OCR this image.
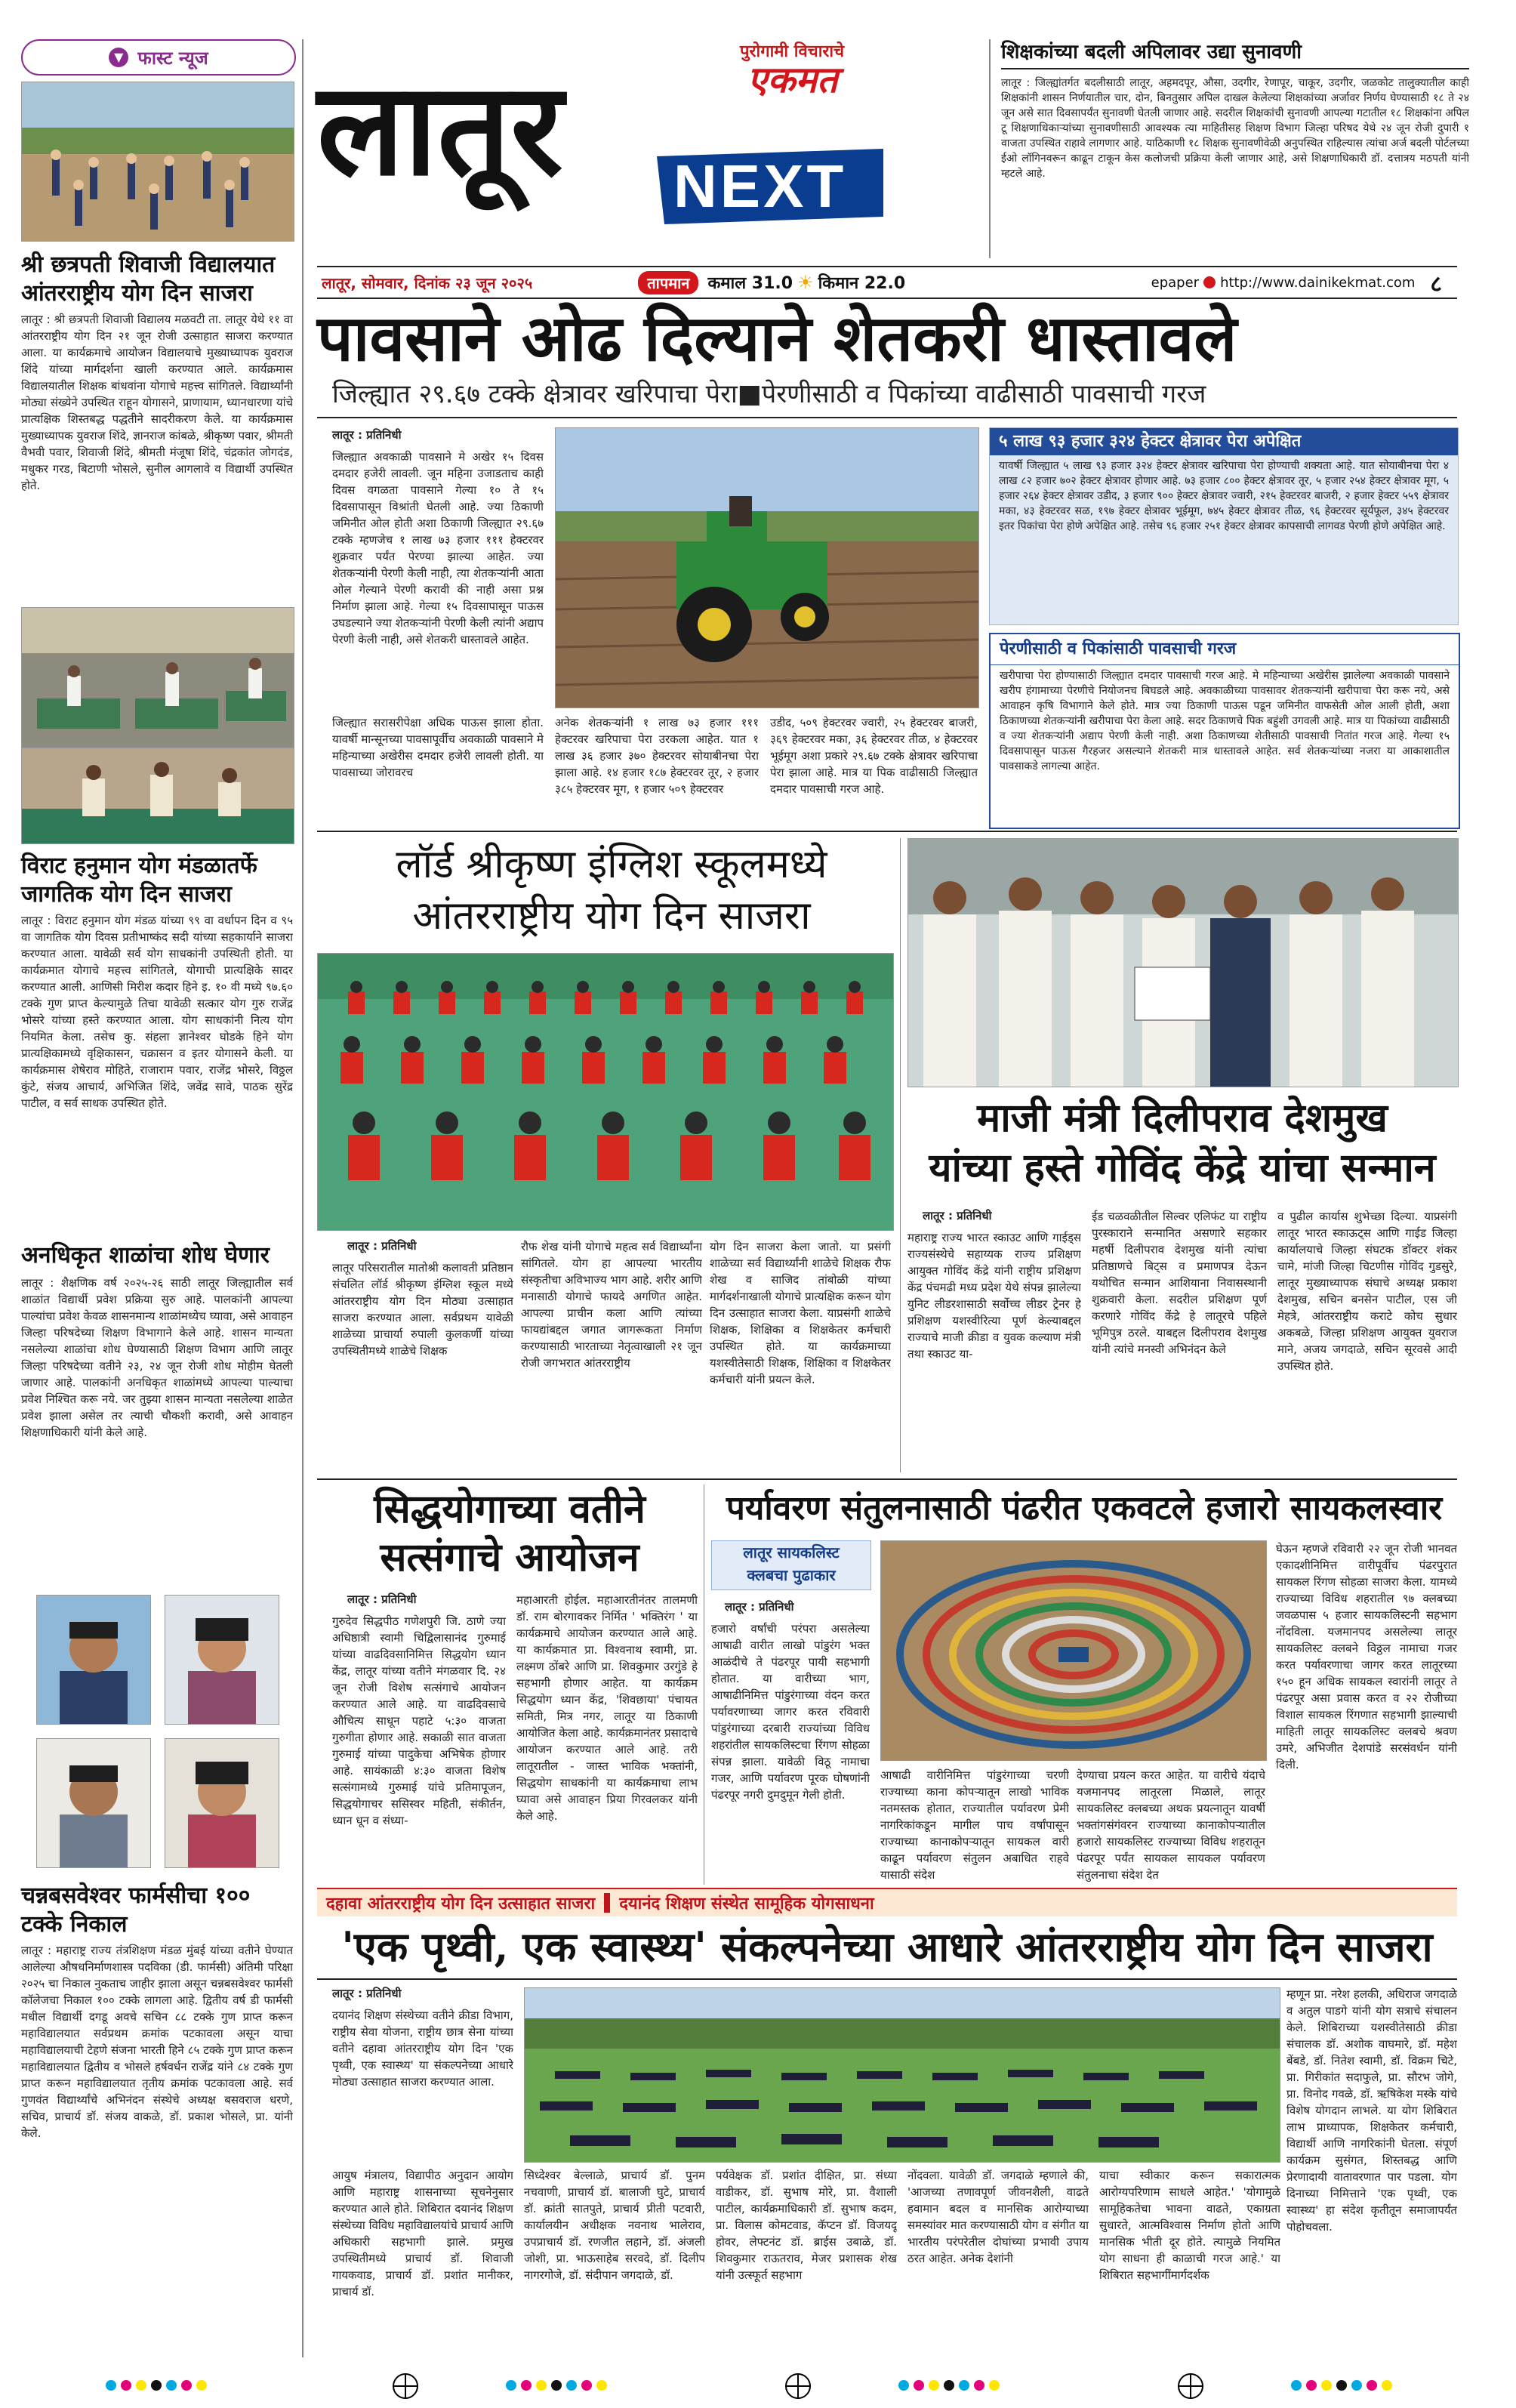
▼ फास्ट न्यूज
श्री छत्रपती शिवाजी विद्यालयात आंतरराष्ट्रीय योग दिन साजरा

लातूर : श्री छत्रपती शिवाजी विद्यालय मळवटी ता. लातूर येथे ११ वा आंतरराष्ट्रीय योग दिन २१ जून रोजी उत्साहात साजरा करण्यात आला. या कार्यक्रमाचे आयोजन विद्यालयाचे मुख्याध्यापक युवराज शिंदे यांच्या मार्गदर्शना खाली करण्यात आले. कार्यक्रमास विद्यालयातील शिक्षक बांधवांना योगाचे महत्त्व सांगितले. विद्यार्थ्यांनी मोठ्या संख्येने उपस्थित राहून योगासने, प्राणायाम, ध्यानधारणा यांचे प्रात्यक्षिक शिस्तबद्ध पद्धतीने सादरीकरण केले. या कार्यक्रमास मुख्याध्यापक युवराज शिंदे, ज्ञानराज कांबळे, श्रीकृष्ण पवार, श्रीमती वैभवी पवार, शिवाजी शिंदे, श्रीमती मंजूषा शिंदे, चंद्रकांत जोगदंड, मधुकर गरड, बिटाणी भोसले, सुनील आगलावे व विद्यार्थी उपस्थित होते.

विराट हनुमान योग मंडळातर्फे जागतिक योग दिन साजरा

लातूर : विराट हनुमान योग मंडळ यांच्या ९९ वा वर्धापन दिन व ९५ वा जागतिक योग दिवस प्रतीभाष्कंद सदी यांच्या सहकार्याने साजरा करण्यात आला. यावेळी सर्व योग साधकांनी उपस्थिती होती. या कार्यक्रमात योगाचे महत्त्व सांगितले, योगाची प्रात्यक्षिके सादर करण्यात आली. आणिसी मिरीश कदार हिने इ. १० वी मध्ये ९७.६० टक्के गुण प्राप्त केल्यामुळे तिचा यावेळी सत्कार योग गुरु राजेंद्र भोसरे यांच्या हस्ते करण्यात आला. योग साधकांनी नित्य योग नियमित केला. तसेच कु. संहला ज्ञानेश्वर घोडके हिने योग प्रात्यक्षिकामध्ये वृक्षिकासन, चक्रासन व इतर योगासने केली. या कार्यक्रमास शेषेराव मोहिते, राजाराम पवार, राजेंद्र भोसरे, विठ्ठल कुंटे, संजय आचार्य, अभिजित शिंदे, जवेंद्र सावे, पाठक सुरेंद्र पाटील, व सर्व साधक उपस्थित होते.

अनधिकृत शाळांचा शोध घेणार

लातूर : शैक्षणिक वर्ष २०२५-२६ साठी लातूर जिल्ह्यातील सर्व शाळांत विद्यार्थी प्रवेश प्रक्रिया सुरु आहे. पालकांनी आपल्या पाल्यांचा प्रवेश केवळ शासनमान्य शाळांमध्येच घ्यावा, असे आवाहन जिल्हा परिषदेच्या शिक्षण विभागाने केले आहे. शासन मान्यता नसलेल्या शाळांचा शोध घेण्यासाठी शिक्षण विभाग आणि लातूर जिल्हा परिषदेच्या वतीने २३, २४ जून रोजी शोध मोहीम घेतली जाणार आहे. पालकांनी अनधिकृत शाळांमध्ये आपल्या पाल्याचा प्रवेश निश्चित करू नये. जर तुझ्या शासन मान्यता नसलेल्या शाळेत प्रवेश झाला असेल तर त्याची चौकशी करावी, असे आवाहन शिक्षणाधिकारी यांनी केले आहे.

चन्नबसवेश्वर फार्मसीचा १०० टक्के निकाल

लातूर : महाराष्ट्र राज्य तंत्रशिक्षण मंडळ मुंबई यांच्या वतीने घेण्यात आलेल्या औषधनिर्माणशास्त्र पदविका (डी. फार्मसी) अंतिमी परिक्षा २०२५ चा निकाल नुकताच जाहीर झाला असून चन्नबसवेश्वर फार्मसी कॉलेजचा निकाल १०० टक्के लागला आहे. द्वितीय वर्ष डी फार्मसी मधील विद्यार्थी दगडू अवचे सचिन ८८ टक्के गुण प्राप्त करून महाविद्यालयात सर्वप्रथम क्रमांक पटकावला असून याचा महाविद्यालयाची टेहणे संजना भारती हिने ८५ टक्के गुण प्राप्त करून महाविद्यालयात द्वितीय व भोसले हर्षवर्धन राजेंद्र यांने ८४ टक्के गुण प्राप्त करून महाविद्यालयात तृतीय क्रमांक पटकावला आहे. सर्व गुणवंत विद्यार्थ्यांचे अभिनंदन संस्थेचे अध्यक्ष बसवराज धरणे, सचिव, प्राचार्य डॉ. संजय वाकळे, डॉ. प्रकाश भोसले, प्रा. यांनी केले.

लातूर
पुरोगामी विचाराचे
एकमत
NEXT
लातूर, सोमवार, दिनांक २३ जून २०२५	तापमान	कमाल 31.0 ☀ किमान 22.0	epaper http://www.dainikekmat.com ८
शिक्षकांच्या बदली अपिलावर उद्या सुनावणी

लातूर : जिल्ह्यांतर्गत बदलीसाठी लातूर, अहमदपूर, औसा, उदगीर, रेणापूर, चाकूर, उदगीर, जळकोट तालुक्यातील काही शिक्षकांनी शासन निर्णयातील चार, दोन, बिनतुसार अपिल दाखल केलेल्या शिक्षकांच्या अर्जावर निर्णय घेण्यासाठी १८ ते २४ जून असे सात दिवसापर्यंत सुनावणी घेतली जाणार आहे. सदरील शिक्षकांची सुनावणी आपल्या गटातील १८ शिक्षकांना अपिल टू शिक्षणाधिकाऱ्यांच्या सुनावणीसाठी आवश्यक त्या माहितीसह शिक्षण विभाग जिल्हा परिषद येथे २४ जून रोजी दुपारी १ वाजता उपस्थित राहावे लागणार आहे. याठिकाणी १८ शिक्षक सुनावणीवेळी अनुपस्थित राहिल्यास त्यांचा अर्ज बदली पोर्टलच्या ईओ लॉगिनवरून काढून टाकून केस कलोजची प्रक्रिया केली जाणार आहे, असे शिक्षणाधिकारी डॉ. दत्तात्रय मठपती यांनी म्हटले आहे.

पावसाने ओढ दिल्याने शेतकरी धास्तावले
जिल्ह्यात २९.६७ टक्के क्षेत्रावर खरिपाचा पेरा■पेरणीसाठी व पिकांच्या वाढीसाठी पावसाची गरज
लातूर : प्रतिनिधी

जिल्ह्यात अवकाळी पावसाने मे अखेर १५ दिवस दमदार हजेरी लावली. जून महिना उजाडताच काही दिवस वगळता पावसाने गेल्या १० ते १५ दिवसापासून विश्रांती घेतली आहे. ज्या ठिकाणी जमिनीत ओल होती अशा ठिकाणी जिल्ह्यात २९.६७ टक्के म्हणजेच १ लाख ७३ हजार १११ हेक्टरवर शुक्रवार पर्यंत पेरण्या झाल्या आहेत. ज्या शेतकऱ्यांनी पेरणी केली नाही, त्या शेतकऱ्यांनी आता ओल गेल्याने पेरणी करावी की नाही असा प्रश्न निर्माण झाला आहे. गेल्या १५ दिवसापासून पाऊस उघडल्याने ज्या शेतकऱ्यांनी पेरणी केली त्यांनी अद्याप पेरणी केली नाही, असे शेतकरी धास्तावले आहेत.

जिल्ह्यात सरासरीपेक्षा अधिक पाऊस झाला होता. यावर्षी मान्सूनच्या पावसापूर्वीच अवकाळी पावसाने मे महिन्याच्या अखेरीस दमदार हजेरी लावली होती. या पावसाच्या जोरावरच

अनेक शेतकऱ्यांनी १ लाख ७३ हजार १११ हेक्टरवर खरिपाचा पेरा उरकला आहेत. यात १ लाख ३६ हजार ३७० हेक्टरवर सोयाबीनचा पेरा झाला आहे. १४ हजार १८७ हेक्टरवर तूर, २ हजार ३८५ हेक्टरवर मूग, १ हजार ५०९ हेक्टरवर

उडीद, ५०९ हेक्टरवर ज्वारी, २५ हेक्टरवर बाजरी, ३६९ हेक्टरवर मका, ३६ हेक्टरवर तीळ, ४ हेक्टरवर भूईमूग अशा प्रकारे २९.६७ टक्के क्षेत्रावर खरिपाचा पेरा झाला आहे. मात्र या पिक वाढीसाठी जिल्ह्यात दमदार पावसाची गरज आहे.

५ लाख ९३ हजार ३२४ हेक्टर क्षेत्रावर पेरा अपेक्षित

यावर्षी जिल्ह्यात ५ लाख ९३ हजार ३२४ हेक्टर क्षेत्रावर खरिपाचा पेरा होण्याची शक्यता आहे. यात सोयाबीनचा पेरा ४ लाख ८२ हजार ७०२ हेक्टर क्षेत्रावर होणार आहे. ७३ हजार ८०० हेक्टर क्षेत्रावर तूर, ५ हजार २५४ हेक्टर क्षेत्रावर मूग, ५ हजार २६४ हेक्टर क्षेत्रावर उडीद, ३ हजार ९०० हेक्टर क्षेत्रावर ज्वारी, २१५ हेक्टरवर बाजरी, २ हजार हेक्टर ५५९ क्षेत्रावर मका, ४३ हेक्टरवर सळ, १९७ हेक्टर क्षेत्रावर भूईमूग, ७४५ हेक्टर क्षेत्रावर तीळ, ९६ हेक्टरवर सूर्यफूल, ३४५ हेक्टरवर इतर पिकांचा पेरा होणे अपेक्षित आहे. तसेच ९६ हजार २५१ हेक्टर क्षेत्रावर कापसाची लागवड पेरणी होणे अपेक्षित आहे.

पेरणीसाठी व पिकांसाठी पावसाची गरज

खरीपाचा पेरा होण्यासाठी जिल्ह्यात दमदार पावसाची गरज आहे. मे महिन्याच्या अखेरीस झालेल्या अवकाळी पावसाने खरीप हंगामाच्या पेरणीचे नियोजनच बिघडले आहे. अवकाळीच्या पावसावर शेतकऱ्यांनी खरीपाचा पेरा करू नये, असे आवाहन कृषि विभागाने केले होते. मात्र ज्या ठिकाणी पाऊस पडून जमिनीत वाफसेती ओल आली होती, अशा ठिकाणच्या शेतकऱ्यांनी खरीपाचा पेरा केला आहे. सदर ठिकाणचे पिक बहुंशी उगवली आहे. मात्र या पिकांच्या वाढीसाठी व ज्या शेतकऱ्यांनी अद्याप पेरणी केली नाही. अशा ठिकाणच्या शेतीसाठी पावसाची नितांत गरज आहे. गेल्या १५ दिवसापासून पाऊस गैरहजर असल्याने शेतकरी मात्र धास्तावले आहेत. सर्व शेतकऱ्यांच्या नजरा या आकाशातील पावसाकडे लागल्या आहेत.

लॉर्ड श्रीकृष्ण इंग्लिश स्कूलमध्ये
आंतरराष्ट्रीय योग दिन साजरा
लातूर : प्रतिनिधी

लातूर परिसरातील मातोश्री कलावती प्रतिष्ठान संचलित लॉर्ड श्रीकृष्ण इंग्लिश स्कूल मध्ये आंतरराष्ट्रीय योग दिन मोठ्या उत्साहात साजरा करण्यात आला. सर्वप्रथम यावेळी शाळेच्या प्राचार्या रुपाली कुलकर्णी यांच्या उपस्थितीमध्ये शाळेचे शिक्षक

रौफ शेख यांनी योगाचे महत्व सर्व विद्यार्थ्यांना सांगितले. योग हा आपल्या भारतीय संस्कृतीचा अविभाज्य भाग आहे. शरीर आणि मनासाठी योगाचे फायदे अगणित आहेत. आपल्या प्राचीन कला आणि त्यांच्या फायद्यांबद्दल जगात जागरूकता निर्माण करण्यासाठी भारताच्या नेतृत्वाखाली २१ जून रोजी जगभरात आंतरराष्ट्रीय

योग दिन साजरा केला जातो. या प्रसंगी शाळेच्या सर्व विद्यार्थ्यांनी शाळेचे शिक्षक रौफ शेख व साजिद तांबोळी यांच्या मार्गदर्शनाखाली योगाचे प्रात्यक्षिक करून योग दिन उत्साहात साजरा केला. याप्रसंगी शाळेचे शिक्षक, शिक्षिका व शिक्षकेतर कर्मचारी उपस्थित होते. या कार्यक्रमाच्या यशस्वीतेसाठी शिक्षक, शिक्षिका व शिक्षकेतर कर्मचारी यांनी प्रयत्न केले.

माजी मंत्री दिलीपराव देशमुख
यांच्या हस्ते गोविंद केंद्रे यांचा सन्मान
लातूर : प्रतिनिधी

महाराष्ट्र राज्य भारत स्काउट आणि गाईड्स राज्यसंस्थेचे सहाय्यक राज्य प्रशिक्षण आयुक्त गोविंद केंद्रे यांनी राष्ट्रीय प्रशिक्षण केंद्र पंचमढी मध्य प्रदेश येथे संपन्न झालेल्या युनिट लीडरशासाठी सर्वोच्च लीडर ट्रेनर हे प्रशिक्षण यशस्वीरित्या पूर्ण केल्याबद्दल राज्याचे माजी क्रीडा व युवक कल्याण मंत्री तथा स्काउट या-

ईड चळवळीतील सिल्वर एलिफंट या राष्ट्रीय पुरस्काराने सन्मानित असणारे सहकार महर्षी दिलीपराव देशमुख यांनी त्यांचा प्रतिष्ठाणचे बिट्स व प्रमाणपत्र देऊन यथोचित सन्मान आशियाना निवासस्थानी शुक्रवारी केला. सदरील प्रशिक्षण पूर्ण करणारे गोविंद केंद्रे हे लातूरचे पहिले भूमिपुत्र ठरले. याबद्दल दिलीपराव देशमुख यांनी त्यांचे मनस्वी अभिनंदन केले

व पुढील कार्यास शुभेच्छा दिल्या. याप्रसंगी लातूर भारत स्काऊट्स आणि गाईड जिल्हा कार्यालयाचे जिल्हा संघटक डॉक्टर शंकर चामे, मांजी जिल्हा चिटणीस गोविंद गुडसुरे, लातूर मुख्याध्यापक संघाचे अध्यक्ष प्रकाश देशमुख, सचिन बनसेन पाटील, एस जी मेहत्रे, आंतरराष्ट्रीय कराटे कोच सुधार अकबळे, जिल्हा प्रशिक्षण आयुक्त युवराज माने, अजय जगदाळे, सचिन सूरवसे आदी उपस्थित होते.

सिद्धयोगाच्या वतीने
सत्संगाचे आयोजन
लातूर : प्रतिनिधी

गुरुदेव सिद्धपीठ गणेशपुरी जि. ठाणे ज्या अधिष्ठात्री स्वामी चिद्विलासानंद गुरुमाई यांच्या वाढदिवसानिमित्त सिद्धयोग ध्यान केंद्र, लातूर यांच्या वतीने मंगळवार दि. २४ जून रोजी विशेष सत्संगाचे आयोजन करण्यात आले आहे. या वाढदिवसाचे औचित्य साधून पहाटे ५:३० वाजता गुरुगीता होणार आहे. सकाळी सात वाजता गुरुमाई यांच्या पादुकेचा अभिषेक होणार आहे. सायंकाळी ४:३० वाजता विशेष सत्संगामध्ये गुरुमाई यांचे प्रतिमापूजन, सिद्धयोगाचर ससिस्वर महिती, संकीर्तन, ध्यान धून व संध्या-

महाआरती होईल. महाआरतीनंतर तालमणी डॉ. राम बोरगावकर निर्मित ' भक्तिरंग ' या कार्यक्रमाचे आयोजन करण्यात आले आहे. या कार्यक्रमात प्रा. विश्वनाथ स्वामी, प्रा. लक्ष्मण ठोंबरे आणि प्रा. शिवकुमार उरगुंडे हे सहभागी होणार आहेत. या कार्यक्रम सिद्धयोग ध्यान केंद्र, 'शिवछाया' पंचायत समिती, मित्र नगर, लातूर या ठिकाणी आयोजित केला आहे. कार्यक्रमानंतर प्रसादाचे आयोजन करण्यात आले आहे. तरी लातूरातील - जास्त भाविक भक्तांनी, सिद्धयोग साधकांनी या कार्यक्रमाचा लाभ घ्यावा असे आवाहन प्रिया गिरवलकर यांनी केले आहे.

पर्यावरण संतुलनासाठी पंढरीत एकवटले हजारो सायकलस्वार
लातूर सायकलिस्ट
क्लबचा पुढाकार
लातूर : प्रतिनिधी

हजारो वर्षांची परंपरा असलेल्या आषाढी वारीत लाखो पांडुरंग भक्त आळंदीचे ते पंढरपूर पायी सहभागी होतात. या वारीच्या भाग, आषाढीनिमित्त पांडुरंगाच्या वंदन करत पर्यावरणाच्या जागर करत रविवारी पांडुरंगाच्या दरबारी राज्यांच्या विविध शहरांतील सायकलिस्टचा रिंगण सोहळा संपन्न झाला. यावेळी विठू नामाचा गजर, आणि पर्यावरण पूरक घोषणांनी पंढरपूर नगरी दुमदुमून गेली होती.

आषाढी वारीनिमित्त पांडुरंगाच्या चरणी राज्याच्या काना कोपऱ्यातून लाखो भाविक नतमस्तक होतात, राज्यातील पर्यावरण प्रेमी नागरिकांकडून मागील पाच वर्षांपासून राज्याच्या कानाकोपऱ्यातून सायकल वारी काढून पर्यावरण संतुलन अबाधित राहवे यासाठी संदेश

देण्याचा प्रयत्न करत आहेत. या वारीचे यंदाचे यजमानपद लातूरला मिळाले, लातूर सायकलिस्ट क्लबच्या अथक प्रयत्नातून यावर्षी भक्तांगसंगंवरन राज्याच्या कानाकोपऱ्यातील हजारो सायकलिस्ट राज्याच्या विविध शहरातून पंढरपूर पर्यंत सायकल सायकल पर्यावरण संतुलनाचा संदेश देत

घेऊन म्हणजे रविवारी २२ जून रोजी भानवत एकादशीनिमित्त वारीपूर्वीच पंढरपुरात सायकल रिंगण सोहळा साजरा केला. यामध्ये राज्याच्या विविध शहरातील ९७ क्लबच्या जवळपास ५ हजार सायकलिस्टनी सहभाग नोंदविला. यजमानपद असलेल्या लातूर सायकलिस्ट क्लबने विठ्ठल नामाचा गजर करत पर्यावरणाचा जागर करत लातूरच्या १५० हून अधिक सायकल स्वारांनी लातूर ते पंढरपूर असा प्रवास करत व २२ रोजीच्या विशाल सायकल रिंगणात सहभागी झाल्याची माहिती लातूर सायकलिस्ट क्लबचे श्रवण उमरे, अभिजीत देशपांडे सरसंवर्धन यांनी दिली.

दहावा आंतरराष्ट्रीय योग दिन उत्साहात साजरा दयानंद शिक्षण संस्थेत सामूहिक योगसाधना
'एक पृथ्वी, एक स्वास्थ्य' संकल्पनेच्या आधारे आंतरराष्ट्रीय योग दिन साजरा
लातूर : प्रतिनिधी

दयानंद शिक्षण संस्थेच्या वतीने क्रीडा विभाग, राष्ट्रीय सेवा योजना, राष्ट्रीय छात्र सेना यांच्या वतीने दहावा आंतरराष्ट्रीय योग दिन 'एक पृथ्वी, एक स्वास्थ्य' या संकल्पनेच्या आधारे मोठ्या उत्साहात साजरा करण्यात आला.

आयुष मंत्रालय, विद्यापीठ अनुदान आयोग आणि महाराष्ट्र शासनाच्या सूचनेनुसार करण्यात आले होते. शिबिरात दयानंद शिक्षण संस्थेच्या विविध महाविद्यालयांचे प्राचार्य आणि अधिकारी सहभागी झाले. प्रमुख उपस्थितीमध्ये प्राचार्य डॉ. शिवाजी गायकवाड, प्राचार्य डॉ. प्रशांत मानीकर, प्राचार्य डॉ.

सिध्देश्वर बेल्लाळे, प्राचार्य डॉ. पुनम नचवाणी, प्राचार्य डॉ. बालाजी घुटे, प्राचार्य डॉ. क्रांती सातपुते, प्राचार्य प्रीती पटवारी, कार्यालयीन अधीक्षक नवनाथ भालेराव, उपप्राचार्य डॉ. रणजीत लहाने, डॉ. अंजली जोशी, प्रा. भाऊसाहेब सरवदे, डॉ. दिलीप नागरगोजे, डॉ. संदीपान जगदाळे, डॉ.

पर्यवेक्षक डॉ. प्रशांत दीक्षित, प्रा. संध्या वाडीकर, डॉ. सुभाष मोरे, प्रा. वैशाली पाटील, कार्यक्रमाधिकारी डॉ. सुभाष कदम, प्रा. विलास कोमटवाड, कॅप्टन डॉ. विजयदू होवर, लेफ्टनंट डॉ. ब्राईस उबाळे, डॉ. शिवकुमार राऊतराव, मेजर प्रशासक शेख यांनी उत्स्फूर्त सहभाग

नोंदवला. यावेळी डॉ. जगदाळे म्हणाले की, 'आजच्या तणावपूर्ण जीवनशैली, वाढते हवामान बदल व मानसिक आरोग्याच्या समस्यांवर मात करण्यासाठी योग व संगीत या भारतीय परंपरेतील दोघांच्या प्रभावी उपाय ठरत आहेत. अनेक देशांनी

याचा स्वीकार करून सकारात्मक आरोग्यपरिणाम साधले आहेत.' 'योगामुळे सामूहिकतेचा भावना वाढते, एकाग्रता सुधारते, आत्मविश्वास निर्माण होतो आणि मानसिक भीती दूर होते. त्यामुळे नियमित योग साधना ही काळाची गरज आहे.' या शिबिरात सहभागींमार्गदर्शक

म्हणून प्रा. नरेश हलकी, अधिराज जगदाळे व अतुल पाडगे यांनी योग सत्राचे संचालन केले. शिबिराच्या यशस्वीतेसाठी क्रीडा संचालक डॉ. अशोक वाघमारे, डॉ. महेश बेंबडे, डॉ. नितेश स्वामी, डॉ. विक्रम चिटे, प्रा. गिरीकांत सदाफुले, प्रा. सौरभ जोगे, प्रा. विनोद गवळे, डॉ. ऋषिकेश मस्के यांचे विशेष योगदान लाभले. या योग शिबिरात लाभ प्राध्यापक, शिक्षकेतर कर्मचारी, विद्यार्थी आणि नागरिकांनी घेतला. संपूर्ण कार्यक्रम सुसंगत, शिस्तबद्ध आणि प्रेरणादायी वातावरणात पार पडला. योग दिनाच्या निमित्ताने 'एक पृथ्वी, एक स्वास्थ्य' हा संदेश कृतीतून समाजापर्यंत पोहोचवला.
